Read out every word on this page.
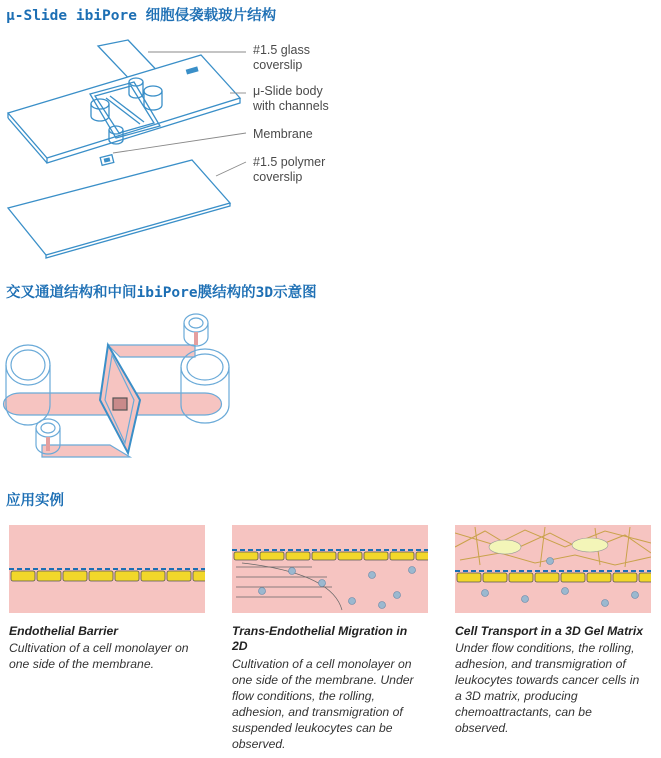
μ-Slide ibiPore 细胞侵袭载玻片结构
交叉通道结构和中间ibiPore膜结构的3D示意图
应用实例
#1.5 glass
coverslip
μ-Slide body
with channels
Membrane
#1.5 polymer
coverslip
Endothelial Barrier
Cultivation of a cell monolayer on
one side of the membrane.
Trans-Endothelial Migration in
2D
Cultivation of a cell monolayer on
one side of the membrane. Under
flow conditions, the rolling,
adhesion, and transmigration of
suspended leukocytes can be
observed.
Cell Transport in a 3D Gel Matrix
Under flow conditions, the rolling,
adhesion, and transmigration of
leukocytes towards cancer cells in
a 3D matrix, producing
chemoattractants, can be
observed.
